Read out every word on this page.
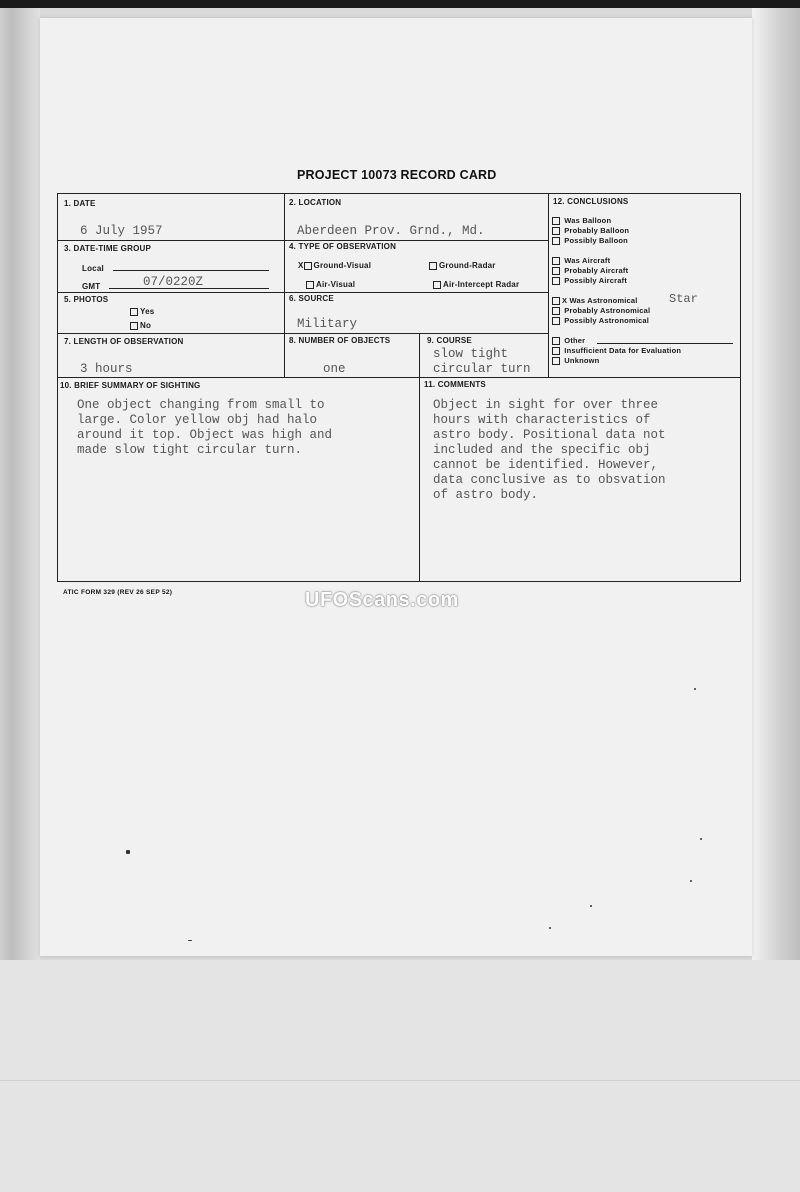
PROJECT 10073 RECORD CARD
1. DATE
6 July 1957
2. LOCATION
Aberdeen Prov. Grnd., Md.
3. DATE-TIME GROUP
Local
GMT	07/0220Z
4. TYPE OF OBSERVATION
X Ground-Visual	Ground-Radar
Air-Visual	Air-Intercept Radar
5. PHOTOS
Yes
No
6. SOURCE
Military
7. LENGTH OF OBSERVATION
3 hours
8. NUMBER OF OBJECTS
one
9. COURSE
slow tight
circular turn
10. BRIEF SUMMARY OF SIGHTING
One object changing from small to
large. Color yellow obj had halo
around it top. Object was high and
made slow tight circular turn.
11. COMMENTS
Object in sight for over three
hours with characteristics of
astro body. Positional data not
included and the specific obj
cannot be identified. However,
data conclusive as to obsvation
of astro body.
12. CONCLUSIONS
Was Balloon
Probably Balloon
Possibly Balloon
Was Aircraft
Probably Aircraft
Possibly Aircraft
X Was Astronomical	Star
Probably Astronomical
Possibly Astronomical
Other
Insufficient Data for Evaluation
Unknown
ATIC FORM 329 (REV 26 SEP 52)	UFOScans.com
